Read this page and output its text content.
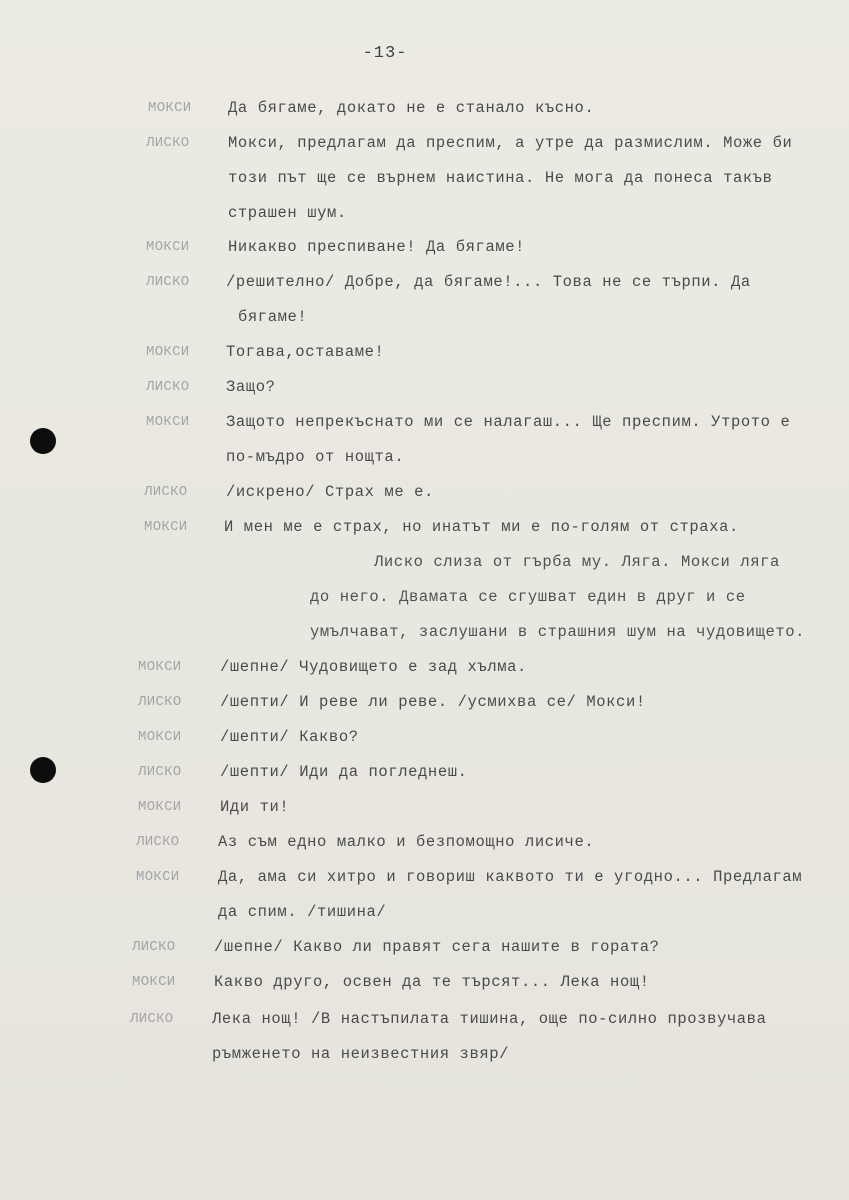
-13-
МОКСИ
ЛИСКО
МОКСИ
ЛИСКО
МОКСИ
ЛИСКО
МОКСИ
ЛИСКО
МОКСИ
МОКСИ
ЛИСКО
МОКСИ
ЛИСКО
МОКСИ
ЛИСКО
МОКСИ
ЛИСКО
МОКСИ
ЛИСКО
Да бягаме, докато не е станало късно.
Мокси, предлагам да преспим, а утре да размислим. Може би
този път ще се върнем наистина. Не мога да понеса такъв
страшен шум.
Никакво преспиване! Да бягаме!
/решително/ Добре, да бягаме!... Това не се търпи. Да
бягаме!
Тогава,оставаме!
Защо?
Защото непрекъснато ми се налагаш... Ще преспим. Утрото е
по-мъдро от нощта.
/искрено/ Страх ме е.
И мен ме е страх, но инатът ми е по-голям от страха.
Лиско слиза от гърба му. Ляга. Мокси ляга
до него. Двамата се сгушват един в друг и се
умълчават, заслушани в страшния шум на чудовището.
/шепне/ Чудовището е зад хълма.
/шепти/ И реве ли реве. /усмихва се/ Мокси!
/шепти/ Какво?
/шепти/ Иди да погледнеш.
Иди ти!
Аз съм едно малко и безпомощно лисиче.
Да, ама си хитро и говориш каквото ти е угодно... Предлагам
да спим. /тишина/
/шепне/ Какво ли правят сега нашите в гората?
Какво друго, освен да те търсят... Лека нощ!
Лека нощ! /В настъпилата тишина, още по-силно прозвучава
ръмженето на неизвестния звяр/
